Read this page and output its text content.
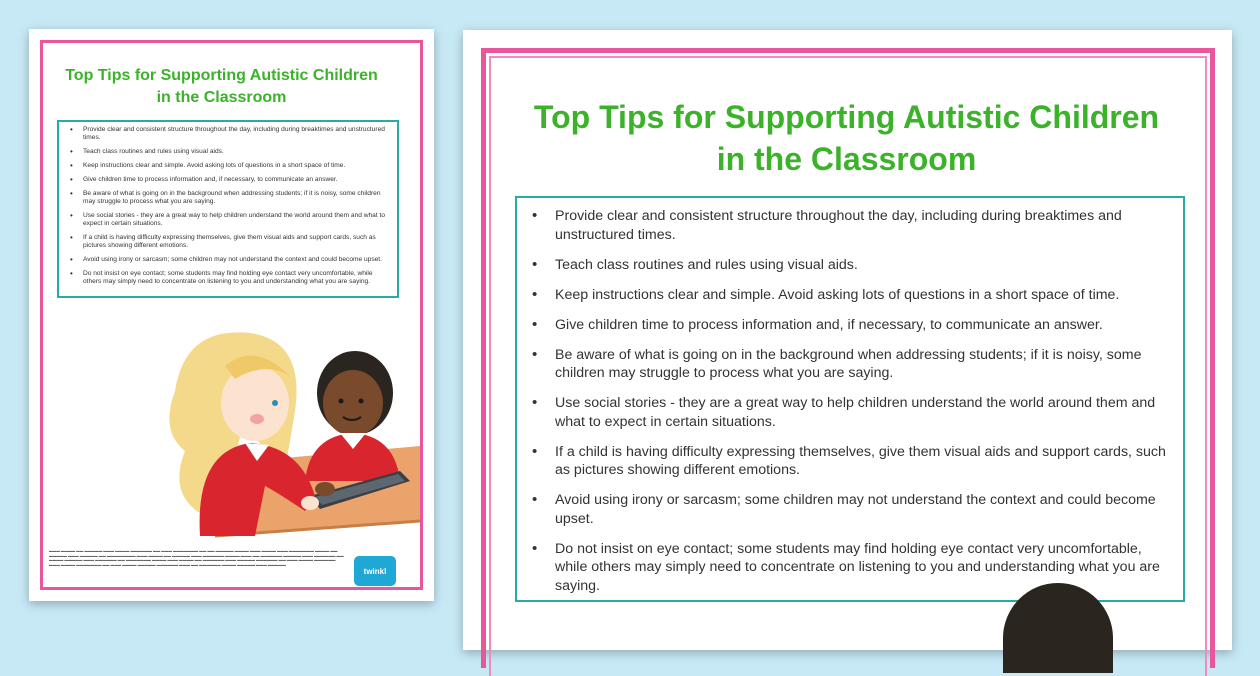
Top Tips for Supporting Autistic Children
in the Classroom
• Provide clear and consistent structure throughout the day, including during breaktimes and unstructured times.
• Teach class routines and rules using visual aids.
• Keep instructions clear and simple. Avoid asking lots of questions in a short space of time.
• Give children time to process information and, if necessary, to communicate an answer.
• Be aware of what is going on in the background when addressing students; if it is noisy, some children may struggle to process what you are saying.
• Use social stories - they are a great way to help children understand the world around them and what to expect in certain situations.
• If a child is having difficulty expressing themselves, give them visual aids and support cards, such as pictures showing different emotions.
• Avoid using irony or sarcasm; some children may not understand the context and could become upset.
• Do not insist on eye contact; some students may find holding eye contact very uncomfortable, while others may simply need to concentrate on listening to you and understanding what you are saying.

▬▬▬ ▬▬▬▬ ▬▬ ▬▬▬▬▬ ▬▬▬ ▬▬▬▬ ▬▬▬▬▬▬ ▬▬ ▬▬▬ ▬▬▬▬▬▬▬ ▬▬ ▬▬ ▬▬▬▬▬ ▬▬▬▬ ▬▬▬ ▬▬▬▬ ▬▬▬ ▬▬▬▬▬▬▬ ▬▬▬▬ ▬▬ ▬▬▬▬▬ ▬▬▬ ▬▬▬▬▬ ▬▬ ▬▬▬▬▬▬▬▬ ▬▬▬ ▬▬▬▬ ▬▬ ▬▬▬▬▬ ▬▬▬ ▬▬▬▬▬▬ ▬▬▬▬ ▬▬▬ ▬▬ ▬▬▬▬▬▬ ▬▬▬▬▬ ▬▬▬ ▬▬▬▬▬▬ ▬▬ ▬▬▬▬ ▬▬▬▬▬ ▬▬▬ ▬▬▬▬▬▬ ▬▬ ▬▬▬▬▬▬▬ ▬▬▬▬ ▬▬▬ ▬▬▬▬ ▬▬ ▬▬▬▬▬▬ ▬▬▬ ▬▬▬▬▬ ▬▬▬▬▬▬ ▬▬ ▬▬▬ ▬▬▬▬ ▬▬▬▬▬▬ ▬▬▬ ▬▬▬▬ ▬▬▬▬▬▬▬ ▬▬ ▬▬▬ ▬▬▬▬ ▬▬▬▬▬ ▬▬▬▬▬▬ ▬▬▬ ▬▬ ▬▬▬▬▬▬ ▬▬▬▬ ▬▬▬▬▬ ▬▬▬ ▬▬▬▬▬

twinkl
Top Tips for Supporting Autistic Children
in the Classroom
• Provide clear and consistent structure throughout the day, including during breaktimes and unstructured times.
• Teach class routines and rules using visual aids.
• Keep instructions clear and simple. Avoid asking lots of questions in a short space of time.
• Give children time to process information and, if necessary, to communicate an answer.
• Be aware of what is going on in the background when addressing students; if it is noisy, some children may struggle to process what you are saying.
• Use social stories - they are a great way to help children understand the world around them and what to expect in certain situations.
• If a child is having difficulty expressing themselves, give them visual aids and support cards, such as pictures showing different emotions.
• Avoid using irony or sarcasm; some children may not understand the context and could become upset.
• Do not insist on eye contact; some students may find holding eye contact very uncomfortable, while others may simply need to concentrate on listening to you and understanding what you are saying.
